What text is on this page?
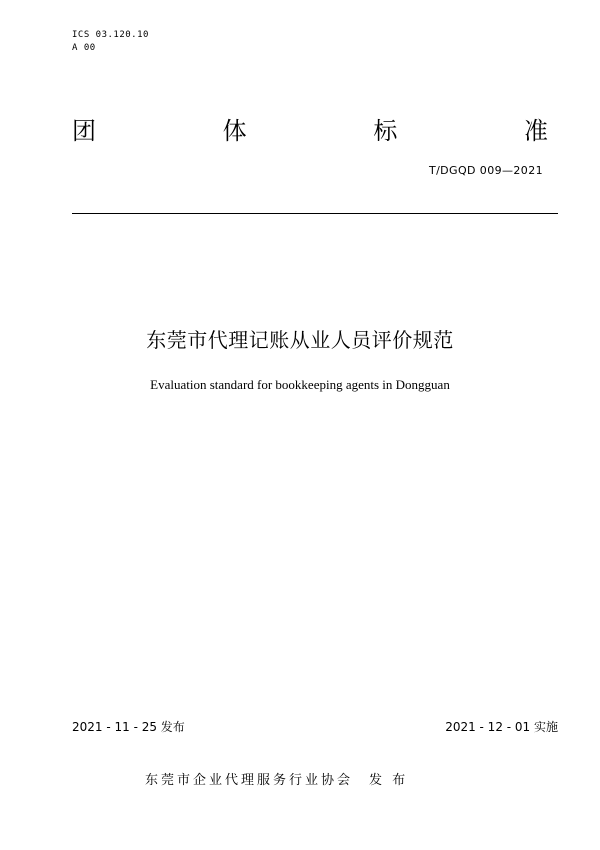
ICS 03.120.10
A 00
团	体	标	准
T/DGQD 009—2021
东莞市代理记账从业人员评价规范
Evaluation standard for bookkeeping agents in Dongguan
2021 - 11 - 25 发布	2021 - 12 - 01 实施
东莞市企业代理服务行业协会 发 布
